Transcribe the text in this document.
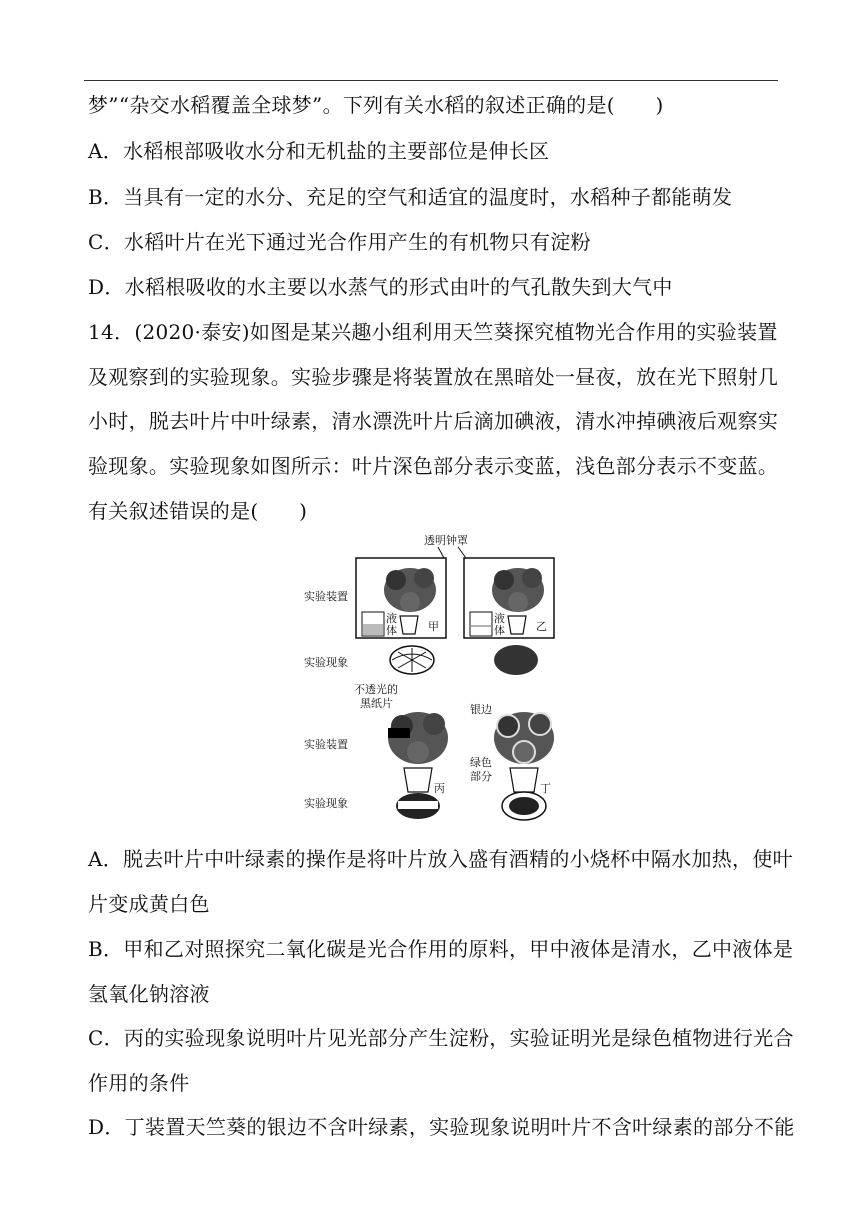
梦”“杂交水稻覆盖全球梦”。下列有关水稻的叙述正确的是(　　)
A．水稻根部吸收水分和无机盐的主要部位是伸长区
B．当具有一定的水分、充足的空气和适宜的温度时，水稻种子都能萌发
C．水稻叶片在光下通过光合作用产生的有机物只有淀粉
D．水稻根吸收的水主要以水蒸气的形式由叶的气孔散失到大气中
14．(2020·泰安)如图是某兴趣小组利用天竺葵探究植物光合作用的实验装置
及观察到的实验现象。实验步骤是将装置放在黑暗处一昼夜，放在光下照射几
小时，脱去叶片中叶绿素，清水漂洗叶片后滴加碘液，清水冲掉碘液后观察实
验现象。实验现象如图所示：叶片深色部分表示变蓝，浅色部分表示不变蓝。
有关叙述错误的是(　　)
透明钟罩
实验装置
实验现象
实验装置
实验现象
液
体	甲
液
体	乙
不透光的
黑纸片
丙
银边
绿色
部分
丁
A．脱去叶片中叶绿素的操作是将叶片放入盛有酒精的小烧杯中隔水加热，使叶
片变成黄白色
B．甲和乙对照探究二氧化碳是光合作用的原料，甲中液体是清水，乙中液体是
氢氧化钠溶液
C．丙的实验现象说明叶片见光部分产生淀粉，实验证明光是绿色植物进行光合
作用的条件
D．丁装置天竺葵的银边不含叶绿素，实验现象说明叶片不含叶绿素的部分不能
